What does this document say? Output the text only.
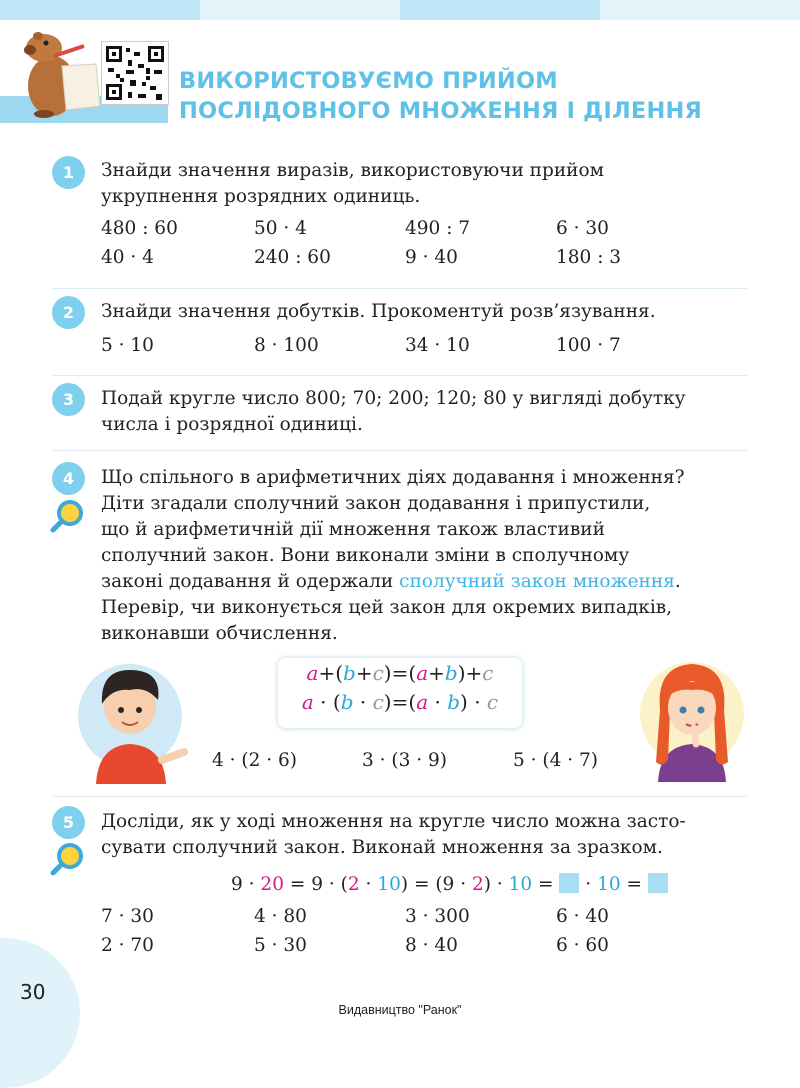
ВИКОРИСТОВУЄМО ПРИЙОМ
ПОСЛІДОВНОГО МНОЖЕННЯ І ДІЛЕННЯ
1	Знайди значення виразів, використовуючи прийом
укрупнення розрядних одиниць.
480 : 60	50 · 4	490 : 7	6 · 30
40 · 4	240 : 60	9 · 40	180 : 3
2	Знайди значення добутків. Прокоментуй розв’язування.
5 · 10	8 · 100	34 · 10	100 · 7
3	Подай кругле число 800; 70; 200; 120; 80 у вигляді добутку
числа і розрядної одиниці.
4	Що спільного в арифметичних діях додавання і множення?
Діти згадали сполучний закон додавання і припустили,
що й арифметичній дії множення також властивий
сполучний закон. Вони виконали зміни в сполучному
законі додавання й одержали сполучний закон множення.
Перевір, чи виконується цей закон для окремих випадків,
виконавши обчислення.
a+(b+c)=(a+b)+c
a · (b · c)=(a · b) · c
4 · (2 · 6)	3 · (3 · 9)	5 · (4 · 7)
5	Досліди, як у ході множення на кругле число можна засто-
сувати сполучний закон. Виконай множення за зразком.
9 · 20 = 9 · (2 · 10) = (9 · 2) · 10 =  · 10 =
7 · 30	4 · 80	3 · 300	6 · 40
2 · 70	5 · 30	8 · 40	6 · 60
30
Видавництво "Ранок"
